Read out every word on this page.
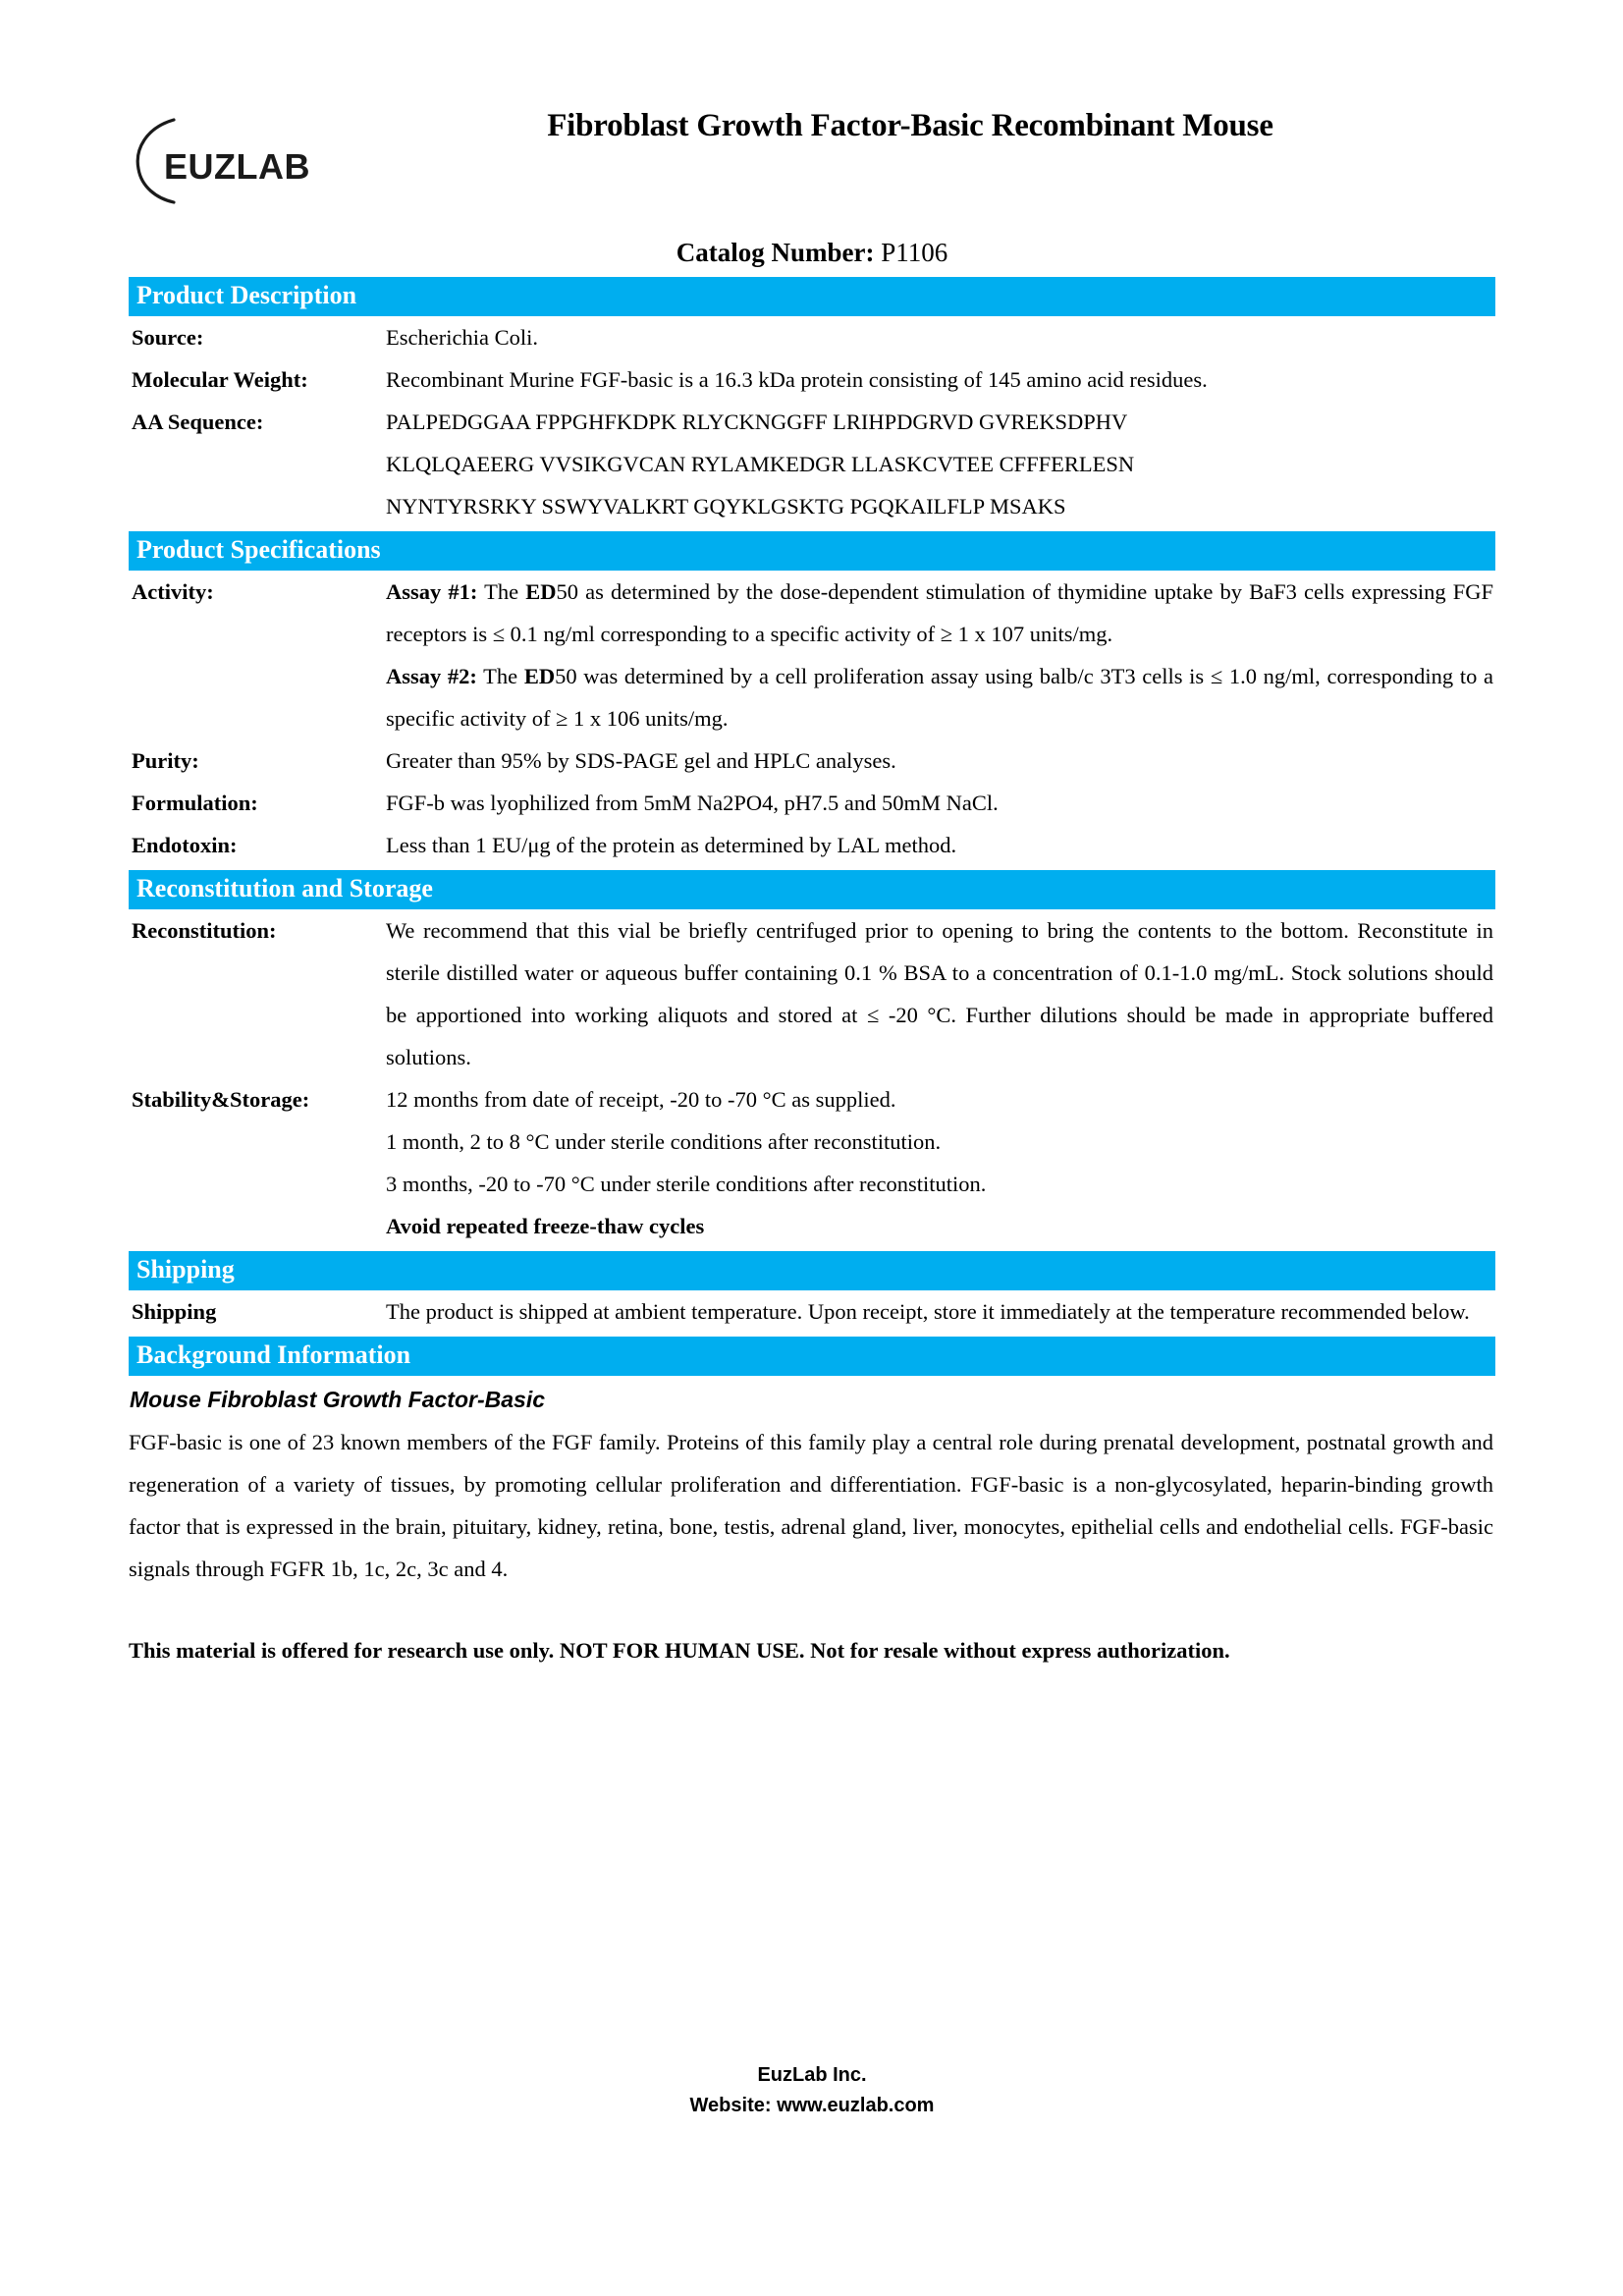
EUZLAB
Fibroblast Growth Factor-Basic Recombinant Mouse
Catalog Number: P1106
Product Description
Source:	Escherichia Coli.
Molecular Weight:	Recombinant Murine FGF-basic is a 16.3 kDa protein consisting of 145 amino acid residues.
AA Sequence:	PALPEDGGAA FPPGHFKDPK RLYCKNGGFF LRIHPDGRVD GVREKSDPHV
KLQLQAEERG VVSIKGVCAN RYLAMKEDGR LLASKCVTEE CFFFERLESN
NYNTYRSRKY SSWYVALKRT GQYKLGSKTG PGQKAILFLP MSAKS
Product Specifications
Activity:	Assay #1: The ED50 as determined by the dose-dependent stimulation of thymidine uptake by BaF3 cells expressing FGF receptors is ≤ 0.1 ng/ml corresponding to a specific activity of ≥ 1 x 107 units/mg.

Assay #2: The ED50 was determined by a cell proliferation assay using balb/c 3T3 cells is ≤ 1.0 ng/ml, corresponding to a specific activity of ≥ 1 x 106 units/mg.

Purity:	Greater than 95% by SDS-PAGE gel and HPLC analyses.
Formulation:	FGF-b was lyophilized from 5mM Na2PO4, pH7.5 and 50mM NaCl.
Endotoxin:	Less than 1 EU/μg of the protein as determined by LAL method.
Reconstitution and Storage
Reconstitution:	We recommend that this vial be briefly centrifuged prior to opening to bring the contents to the bottom. Reconstitute in sterile distilled water or aqueous buffer containing 0.1 % BSA to a concentration of 0.1-1.0 mg/mL. Stock solutions should be apportioned into working aliquots and stored at ≤ -20 °C. Further dilutions should be made in appropriate buffered solutions.
Stability&Storage:	12 months from date of receipt, -20 to -70 °C as supplied.
1 month, 2 to 8 °C under sterile conditions after reconstitution.
3 months, -20 to -70 °C under sterile conditions after reconstitution.
Avoid repeated freeze-thaw cycles
Shipping
Shipping	The product is shipped at ambient temperature. Upon receipt, store it immediately at the temperature recommended below.
Background Information
Mouse Fibroblast Growth Factor-Basic

FGF-basic is one of 23 known members of the FGF family. Proteins of this family play a central role during prenatal development, postnatal growth and regeneration of a variety of tissues, by promoting cellular proliferation and differentiation. FGF-basic is a non-glycosylated, heparin-binding growth factor that is expressed in the brain, pituitary, kidney, retina, bone, testis, adrenal gland, liver, monocytes, epithelial cells and endothelial cells. FGF-basic signals through FGFR 1b, 1c, 2c, 3c and 4.

This material is offered for research use only. NOT FOR HUMAN USE. Not for resale without express authorization.

EuzLab Inc.
Website: www.euzlab.com
